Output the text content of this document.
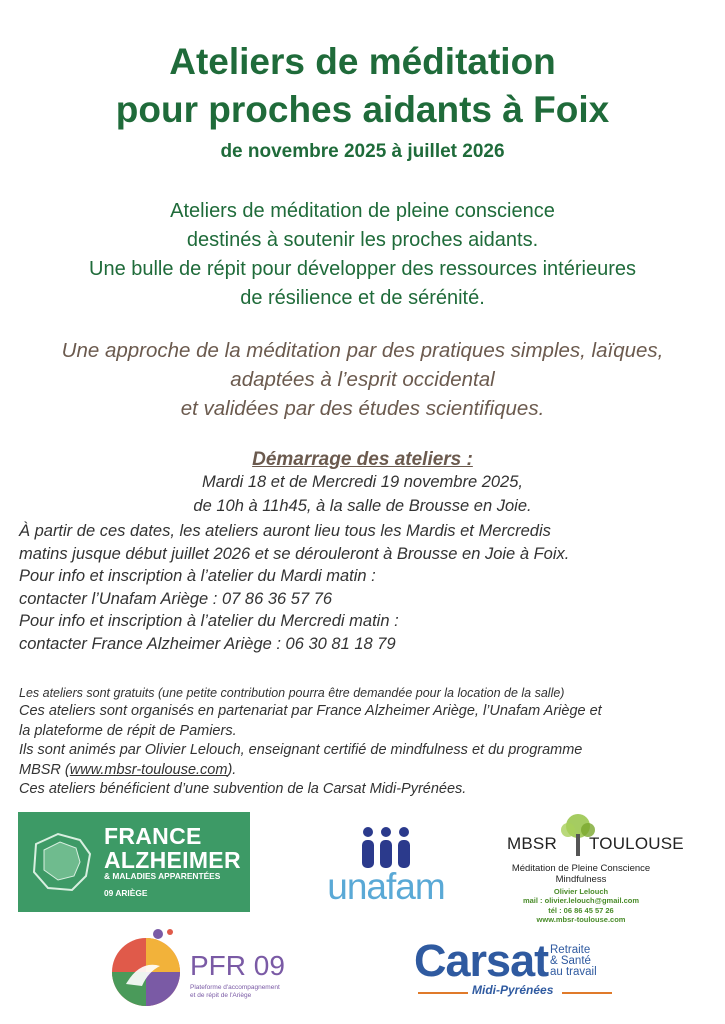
Ateliers de méditation
pour proches aidants à Foix
de novembre 2025 à juillet 2026
Ateliers de méditation de pleine conscience
destinés à soutenir les proches aidants.
Une bulle de répit pour développer des ressources intérieures
de résilience et de sérénité.
Une approche de la méditation par des pratiques simples, laïques,
adaptées à l’esprit occidental
et validées par des études scientifiques.
Démarrage des ateliers :
Mardi 18 et de Mercredi 19 novembre 2025,
de 10h à 11h45, à la salle de Brousse en Joie.
À partir de ces dates, les ateliers auront lieu tous les Mardis et Mercredis
matins jusque début juillet 2026 et se dérouleront à Brousse en Joie à Foix.
Pour info et inscription à l’atelier du Mardi matin :
contacter l’Unafam Ariège : 07 86 36 57 76
Pour info et inscription à l’atelier du Mercredi matin :
contacter France Alzheimer Ariège : 06 30 81 18 79
Les ateliers sont gratuits (une petite contribution pourra être demandée pour la location de la salle)
Ces ateliers sont organisés en partenariat par France Alzheimer Ariège, l’Unafam Ariège et
la plateforme de répit de Pamiers.
Ils sont animés par Olivier Lelouch, enseignant certifié de mindfulness et du programme
MBSR (www.mbsr-toulouse.com).
Ces ateliers bénéficient d’une subvention de la Carsat Midi-Pyrénées.
FRANCE
ALZHEIMER
& MALADIES APPARENTÉES
09 ARIÈGE	unafam
MBSR TOULOUSE
Méditation de Pleine Conscience
Mindfulness
Olivier Lelouch
mail : olivier.lelouch@gmail.com
tél : 06 86 45 57 26
www.mbsr-toulouse.com
PFR 09
Plateforme d'accompagnement
et de répit de l'Ariège
Carsat Retraite
& Santé
au travail
Midi-Pyrénées
